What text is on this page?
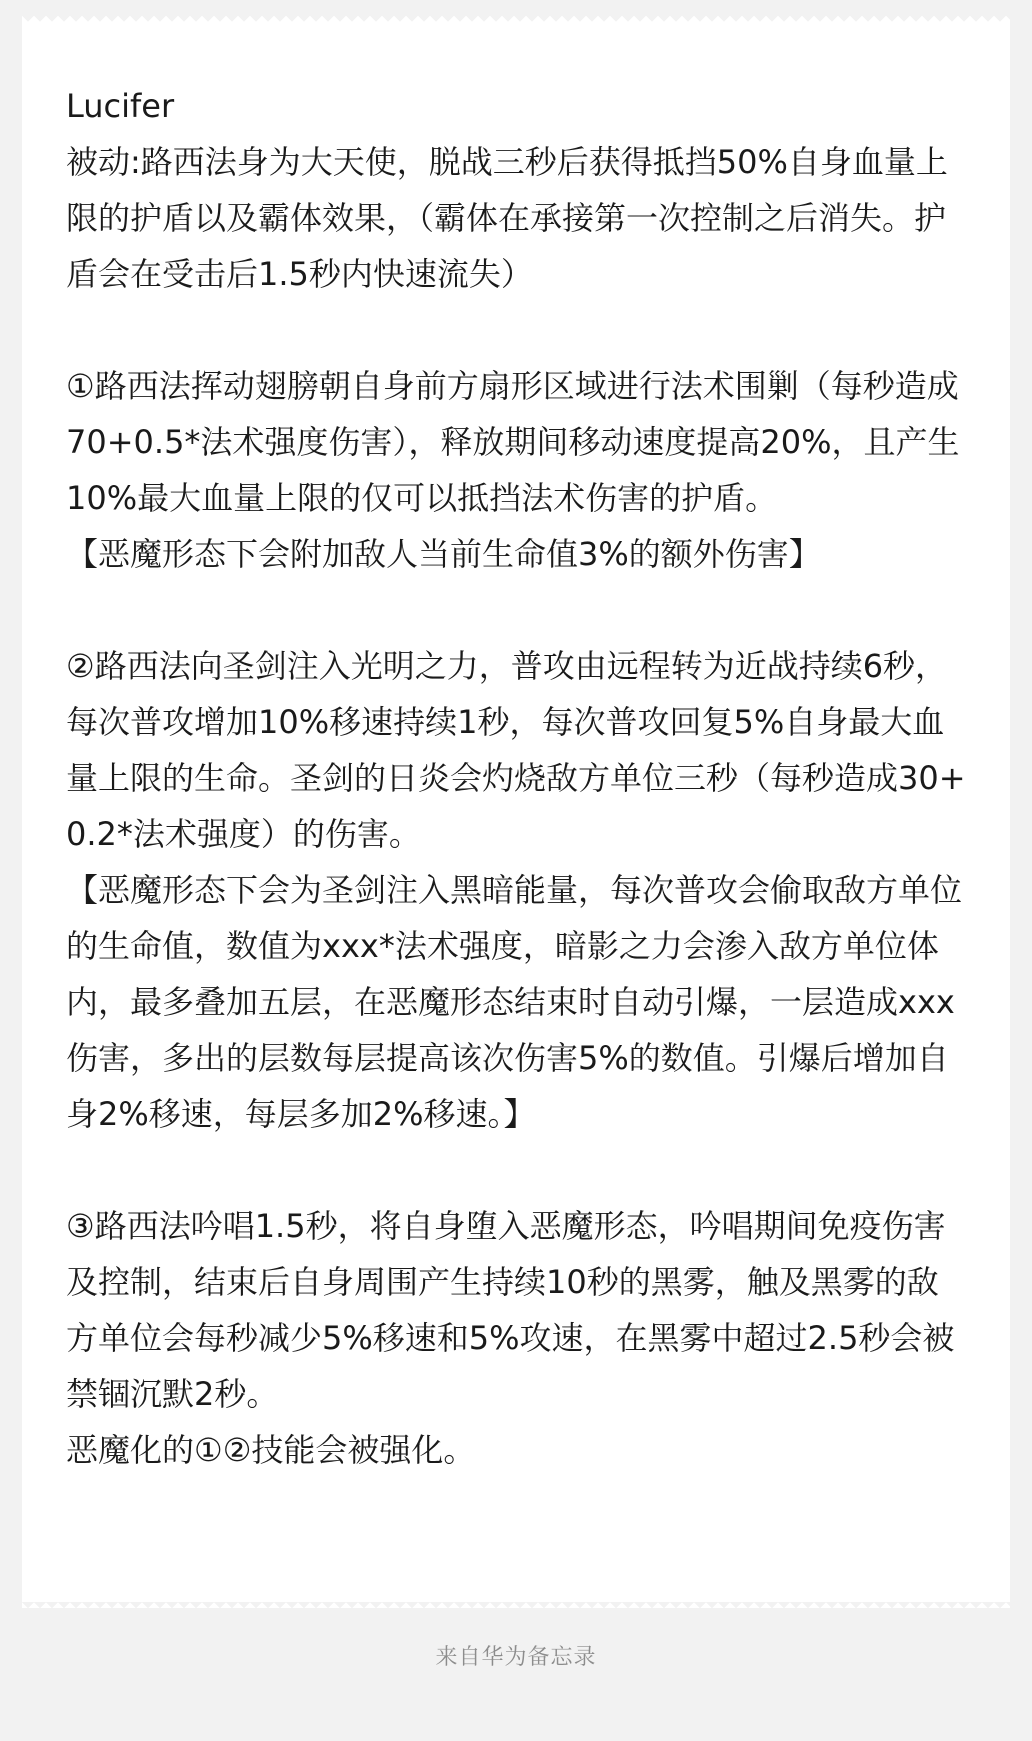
Lucifer
被动:路西法身为大天使，脱战三秒后获得抵挡50%自身血量上限的护盾以及霸体效果，（霸体在承接第一次控制之后消失。护盾会在受击后1.5秒内快速流失）

①路西法挥动翅膀朝自身前方扇形区域进行法术围剿（每秒造成70+0.5*法术强度伤害），释放期间移动速度提高20%，且产生10%最大血量上限的仅可以抵挡法术伤害的护盾。
【恶魔形态下会附加敌人当前生命值3%的额外伤害】

②路西法向圣剑注入光明之力，普攻由远程转为近战持续6秒，每次普攻增加10%移速持续1秒，每次普攻回复5%自身最大血量上限的生命。圣剑的日炎会灼烧敌方单位三秒（每秒造成30+0.2*法术强度）的伤害。
【恶魔形态下会为圣剑注入黑暗能量，每次普攻会偷取敌方单位的生命值，数值为xxx*法术强度，暗影之力会渗入敌方单位体内，最多叠加五层，在恶魔形态结束时自动引爆，一层造成xxx伤害，多出的层数每层提高该次伤害5%的数值。引爆后增加自身2%移速，每层多加2%移速。】

③路西法吟唱1.5秒，将自身堕入恶魔形态，吟唱期间免疫伤害及控制，结束后自身周围产生持续10秒的黑雾，触及黑雾的敌方单位会每秒减少5%移速和5%攻速，在黑雾中超过2.5秒会被禁锢沉默2秒。
恶魔化的①②技能会被强化。
来自华为备忘录
